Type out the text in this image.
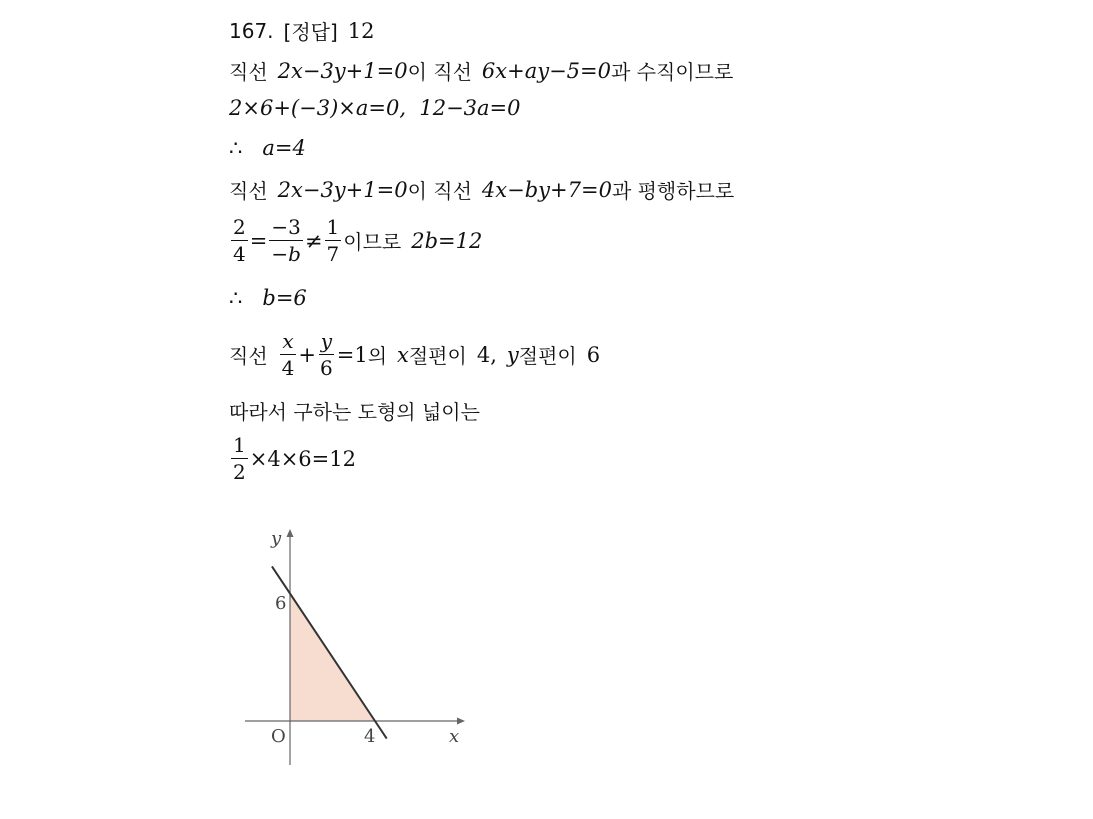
167. [정답] 12
직선 2x−3y+1=0 이 직선 6x+ay−5=0 과 수직이므로
2×6+(−3)×a=0,  12−3a=0
∴ a=4
직선 2x−3y+1=0 이 직선 4x−by+7=0 과 평행하므로
$\frac{2}{4} = \frac{-3}{-b} \ne \frac{1}{7}$ 이므로 2b=12
∴ b=6
직선 $\frac{x}{4} + \frac{y}{6} =1$ 의 x 절편이 4, y 절편이 6
따라서 구하는 도형의 넓이는
$\frac{1}{2} \times 4\times 6=12$
y
x
O
6
4
